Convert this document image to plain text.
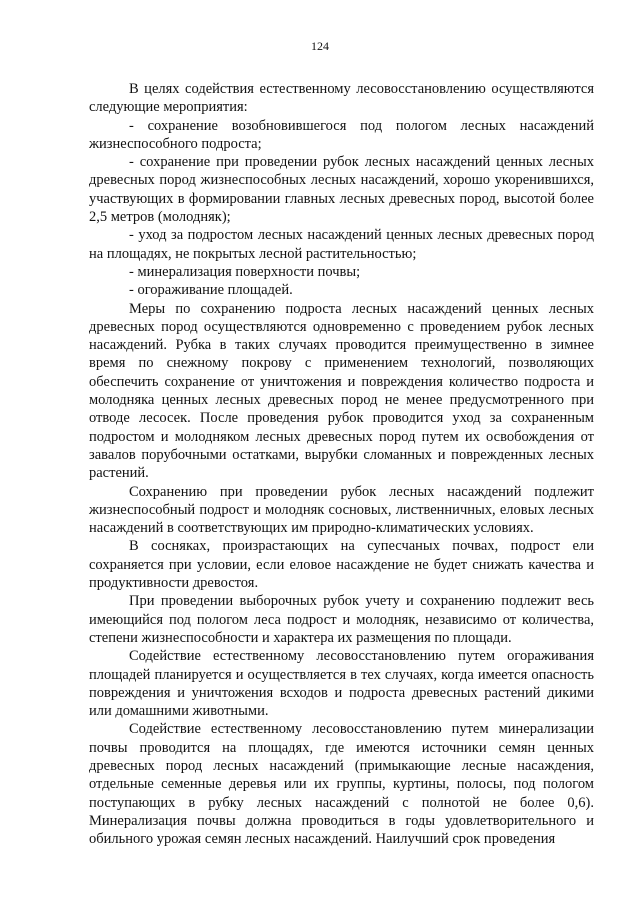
124

В целях содействия естественному лесовосстановлению осуществляются следующие мероприятия:

- сохранение возобновившегося под пологом лесных насаждений жизнеспособного подроста;

- сохранение при проведении рубок лесных насаждений ценных лесных древесных пород жизнеспособных лесных насаждений, хорошо укоренившихся, участвующих в формировании главных лесных древесных пород, высотой более 2,5 метров (молодняк);

- уход за подростом лесных насаждений ценных лесных древесных пород на площадях, не покрытых лесной растительностью;

- минерализация поверхности почвы;

- огораживание площадей.

Меры по сохранению подроста лесных насаждений ценных лесных древесных пород осуществляются одновременно с проведением рубок лесных насаждений. Рубка в таких случаях проводится преимущественно в зимнее время по снежному покрову с применением технологий, позволяющих обеспечить сохранение от уничтожения и повреждения количество подроста и молодняка ценных лесных древесных пород не менее предусмотренного при отводе лесосек. После проведения рубок проводится уход за сохраненным подростом и молодняком лесных древесных пород путем их освобождения от завалов порубочными остатками, вырубки сломанных и поврежденных лесных растений.

Сохранению при проведении рубок лесных насаждений подлежит жизнеспособный подрост и молодняк сосновых, лиственничных, еловых лесных насаждений в соответствующих им природно-климатических условиях.

В сосняках, произрастающих на супесчаных почвах, подрост ели сохраняется при условии, если еловое насаждение не будет снижать качества и продуктивности древостоя.

При проведении выборочных рубок учету и сохранению подлежит весь имеющийся под пологом леса подрост и молодняк, независимо от количества, степени жизнеспособности и характера их размещения по площади.

Содействие естественному лесовосстановлению путем огораживания площадей планируется и осуществляется в тех случаях, когда имеется опасность повреждения и уничтожения всходов и подроста древесных растений дикими или домашними животными.

Содействие естественному лесовосстановлению путем минерализации почвы проводится на площадях, где имеются источники семян ценных древесных пород лесных насаждений (примыкающие лесные насаждения, отдельные семенные деревья или их группы, куртины, полосы, под пологом поступающих в рубку лесных насаждений с полнотой не более 0,6). Минерализация почвы должна проводиться в годы удовлетворительного и обильного урожая семян лесных насаждений. Наилучший срок проведения
